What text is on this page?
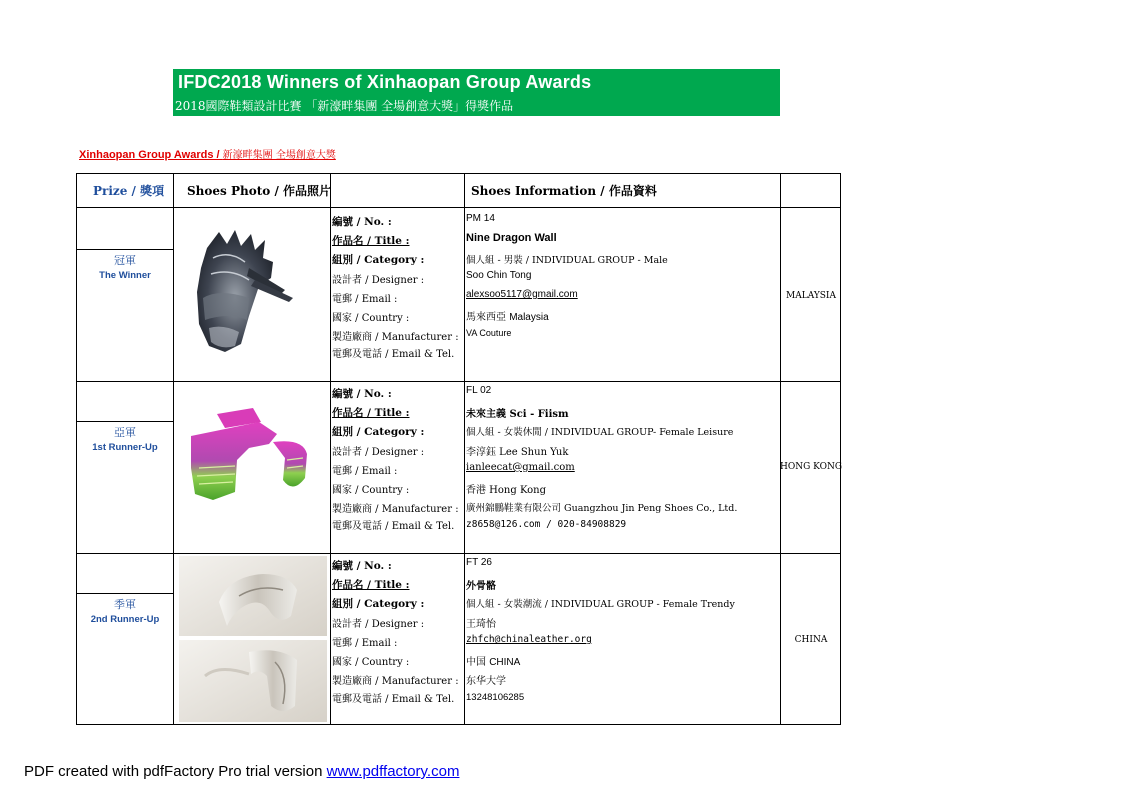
IFDC2018 Winners of Xinhaopan Group Awards
2018國際鞋類設計比賽 「新濠畔集團 全場創意大獎」得獎作品
Xinhaopan Group Awards / 新濠畔集團 全場創意大獎
Prize / 獎項 Shoes Photo / 作品照片	Shoes Information / 作品資料
冠軍
The Winner
編號 / No. :
作品名 / Title :
組別 / Category :
設計者 / Designer :
電郵 / Email :
國家 / Country :
製造廠商 / Manufacturer :
電郵及電話 / Email & Tel.
PM 14
Nine Dragon Wall
個人組 - 男裝 / INDIVIDUAL GROUP - Male
Soo Chin Tong
alexsoo5117@gmail.com
馬來西亞 Malaysia
VA Couture
MALAYSIA
亞軍
1st Runner-Up
編號 / No. :
作品名 / Title :
組別 / Category :
設計者 / Designer :
電郵 / Email :
國家 / Country :
製造廠商 / Manufacturer :
電郵及電話 / Email & Tel.
FL 02
未來主義 Sci - Fiism
個人組 - 女裝休閒 / INDIVIDUAL GROUP- Female Leisure
李淳鈺 Lee Shun Yuk
ianleecat@gmail.com
香港 Hong Kong
廣州錦鵬鞋業有限公司 Guangzhou Jin Peng Shoes Co., Ltd.
z8658@126.com / 020-84908829
HONG KONG
季軍
2nd Runner-Up
編號 / No. :
作品名 / Title :
組別 / Category :
設計者 / Designer :
電郵 / Email :
國家 / Country :
製造廠商 / Manufacturer :
電郵及電話 / Email & Tel.
FT 26
外骨骼
個人組 - 女裝潮流 / INDIVIDUAL GROUP - Female Trendy
王琦怡
zhfch@chinaleather.org
中国 CHINA
东华大学
13248106285
CHINA
PDF created with pdfFactory Pro trial version www.pdffactory.com
